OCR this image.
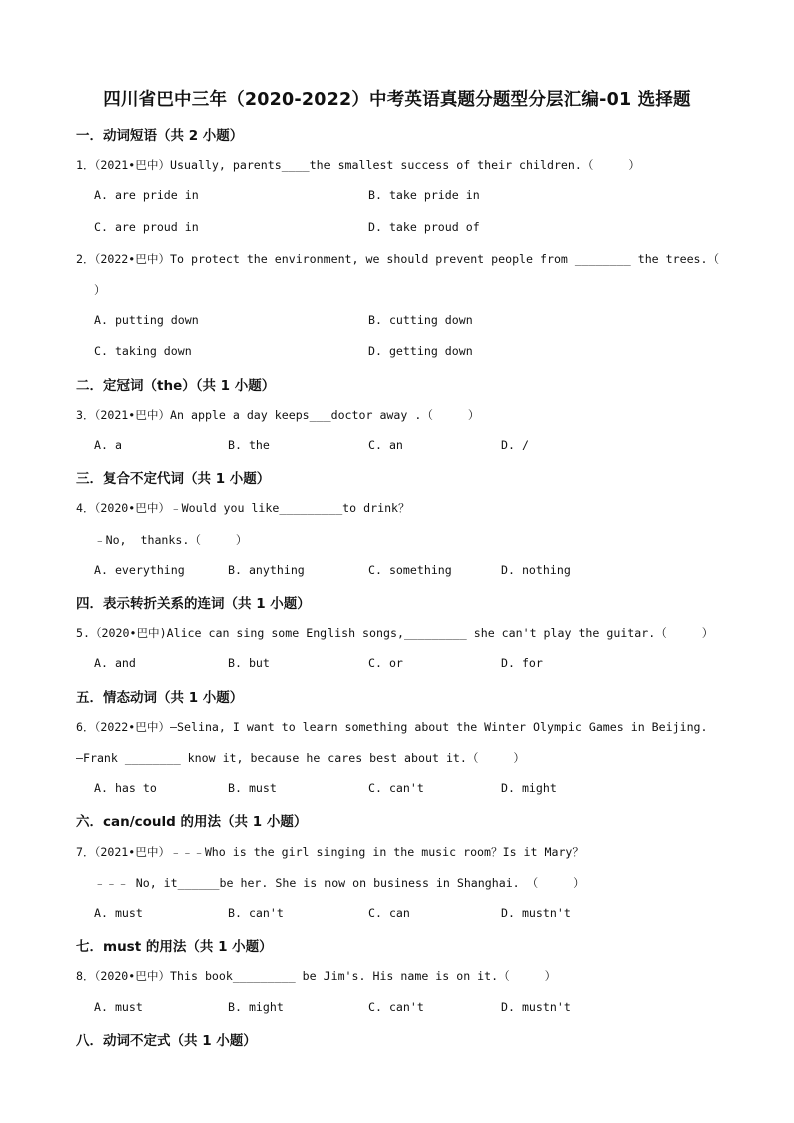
四川省巴中三年（2020-2022）中考英语真题分题型分层汇编-01 选择题
一．动词短语（共 2 小题）
1．（2021•巴中）Usually, parents____the smallest success of their children.（     ）
A. are pride in	B. take pride in
C. are proud in	D. take proud of
2．（2022•巴中）To protect the environment, we should prevent people from ________ the trees.（
）
A. putting down	B. cutting down
C. taking down	D. getting down
二．定冠词（the）（共 1 小题）
3．（2021•巴中）An apple a day keeps___doctor away .（     ）
A. a	B. the	C. an	D. /
三．复合不定代词（共 1 小题）
4．（2020•巴中）﹣Would you like_________to drink？
﹣No,  thanks.（     ）
A. everything	B. anything	C. something	D. nothing
四．表示转折关系的连词（共 1 小题）
5.（2020•巴中)Alice can sing some English songs,_________ she can't play the guitar.（     ）
A. and	B. but	C. or	D. for
五．情态动词（共 1 小题）
6．（2022•巴中）—Selina, I want to learn something about the Winter Olympic Games in Beijing.
—Frank ________ know it, because he cares best about it.（     ）
A. has to	B. must	C. can't	D. might
六．can/could 的用法（共 1 小题）
7．（2021•巴中）﹣﹣﹣Who is the girl singing in the music room？Is it Mary？
﹣﹣﹣ No, it______be her. She is now on business in Shanghai. （     ）
A. must	B. can't	C. can	D. mustn't
七．must 的用法（共 1 小题）
8．（2020•巴中）This book_________ be Jim's. His name is on it.（     ）
A. must	B. might	C. can't	D. mustn't
八．动词不定式（共 1 小题）
